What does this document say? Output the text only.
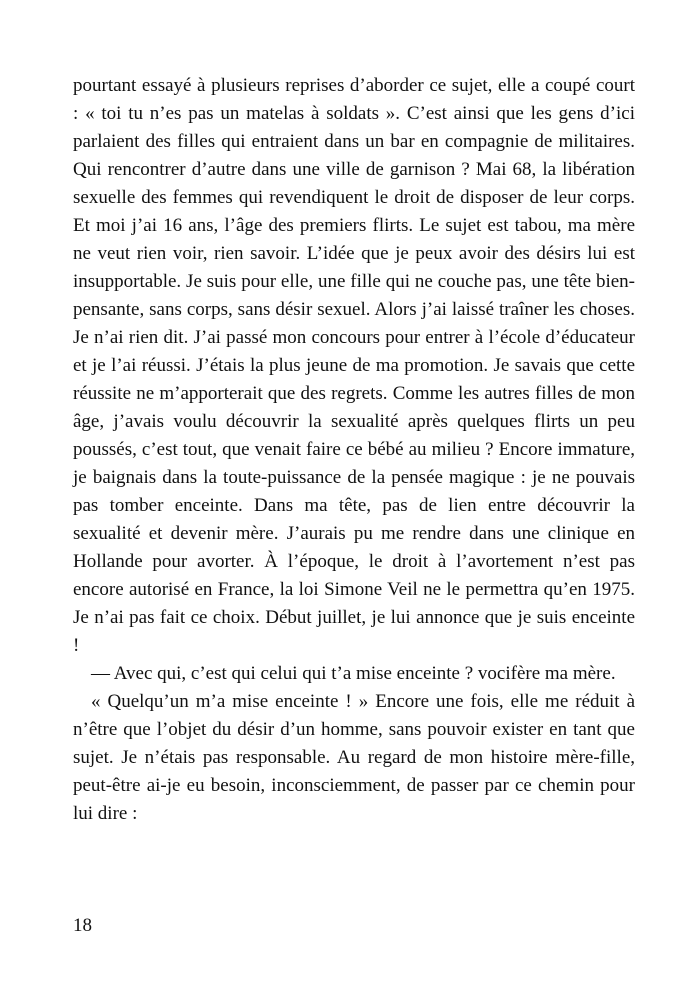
pourtant essayé à plusieurs reprises d’aborder ce sujet, elle a coupé court : « toi tu n’es pas un matelas à soldats ». C’est ainsi que les gens d’ici parlaient des filles qui entraient dans un bar en compagnie de militaires. Qui rencontrer d’autre dans une ville de garnison ? Mai 68, la libération sexuelle des femmes qui revendiquent le droit de disposer de leur corps. Et moi j’ai 16 ans, l’âge des premiers flirts. Le sujet est tabou, ma mère ne veut rien voir, rien savoir. L’idée que je peux avoir des désirs lui est insupportable. Je suis pour elle, une fille qui ne couche pas, une tête bien-pensante, sans corps, sans désir sexuel. Alors j’ai laissé traîner les choses. Je n’ai rien dit. J’ai passé mon concours pour entrer à l’école d’éducateur et je l’ai réussi. J’étais la plus jeune de ma promotion. Je savais que cette réussite ne m’apporterait que des regrets. Comme les autres filles de mon âge, j’avais voulu découvrir la sexualité après quelques flirts un peu poussés, c’est tout, que venait faire ce bébé au milieu ? Encore immature, je baignais dans la toute-puissance de la pensée magique : je ne pouvais pas tomber enceinte. Dans ma tête, pas de lien entre découvrir la sexualité et devenir mère. J’aurais pu me rendre dans une clinique en Hollande pour avorter. À l’époque, le droit à l’avortement n’est pas encore autorisé en France, la loi Simone Veil ne le permettra qu’en 1975. Je n’ai pas fait ce choix. Début juillet, je lui annonce que je suis enceinte !

— Avec qui, c’est qui celui qui t’a mise enceinte ? vocifère ma mère.

« Quelqu’un m’a mise enceinte ! » Encore une fois, elle me réduit à n’être que l’objet du désir d’un homme, sans pouvoir exister en tant que sujet. Je n’étais pas responsable. Au regard de mon histoire mère-fille, peut-être ai-je eu besoin, inconsciemment, de passer par ce chemin pour lui dire :

18
